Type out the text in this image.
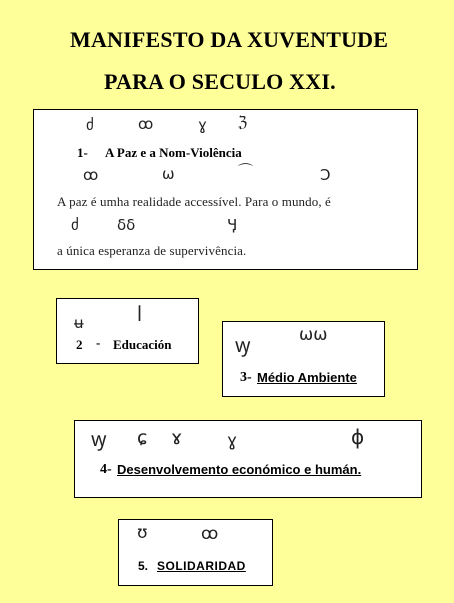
MANIFESTO DA XUVENTUDE
PARA O SECULO XXI.
ძ	ꝏ	ɣ ℨ
1- A Paz e a Nom-Violência
ꝏ	ω	⌒	Ͻ
A paz é umha realidade accessível. Para o mundo, é
ძ	δδ	Ӌ
a única esperanza de supervivência.
ʉ	ꟾ
2 - Educación	ꝡ	ωω
3- Médio Ambiente
ꝡ ɕ ɤ	ɣ	ɸ
4- Desenvolvemento económico e humán.
ʊ	ꝏ
5. SOLIDARIDAD
